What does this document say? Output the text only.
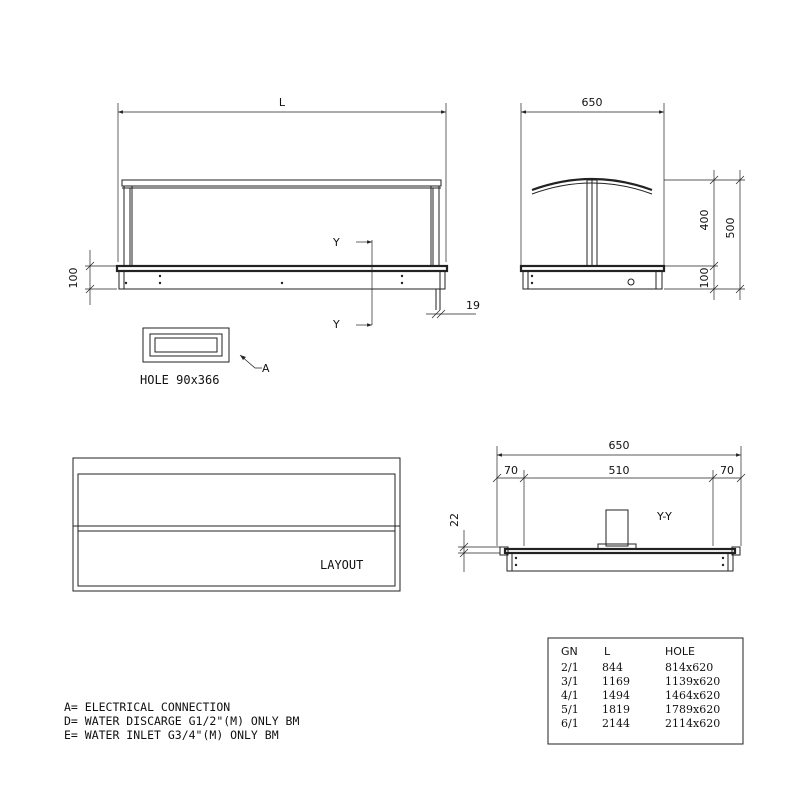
L
100
19
Y
Y
650
400 500
100
A
HOLE 90x366
LAYOUT
650
70	510	70
Y-Y
22
A= ELECTRICAL CONNECTION
D= WATER DISCARGE G1/2"(M) ONLY BM
E= WATER INLET G3/4"(M) ONLY BM
GN L	HOLE
2/1 844	814x620
3/1 1169	1139x620
4/1 1494	1464x620
5/1 1819	1789x620
6/1 2144	2114x620
